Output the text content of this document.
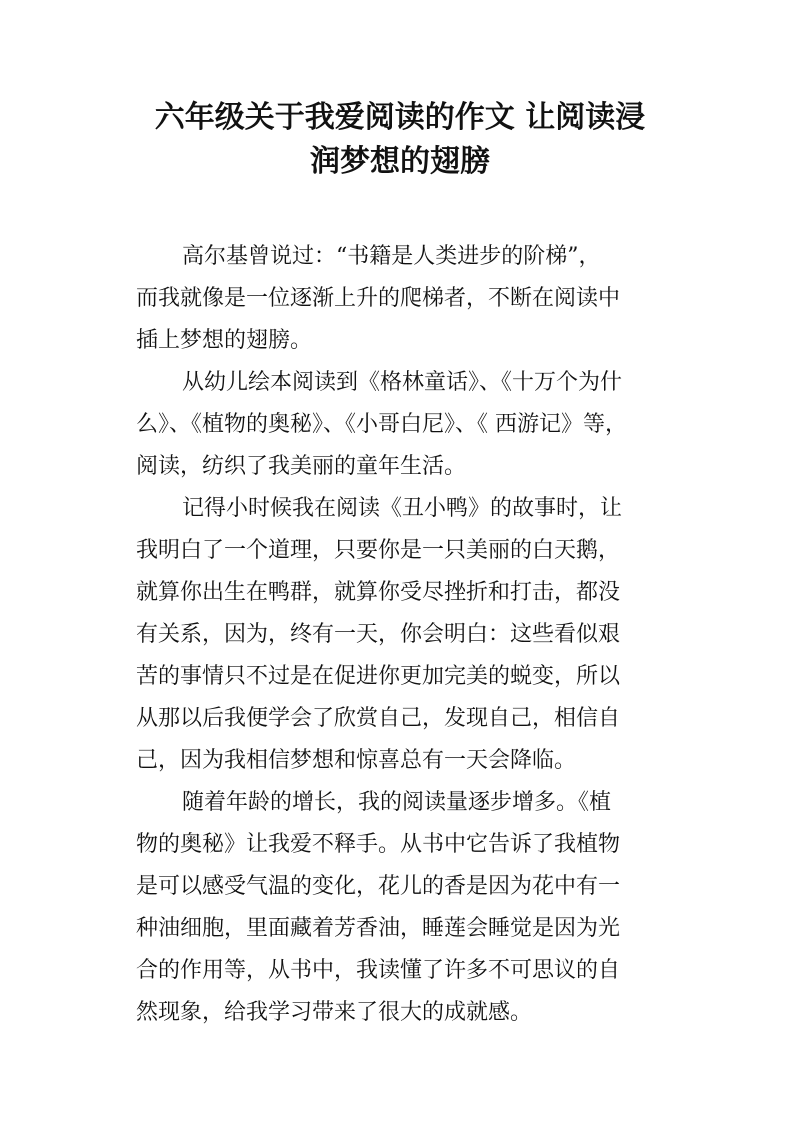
六年级关于我爱阅读的作文 让阅读浸
润梦想的翅膀

高尔基曾说过：“书籍是人类进步的阶梯”，
而我就像是一位逐渐上升的爬梯者，不断在阅读中
插上梦想的翅膀。

从幼儿绘本阅读到《格林童话》、《十万个为什
么》、《植物的奥秘》、《小哥白尼》、《 西游记》等，
阅读，纺织了我美丽的童年生活。

记得小时候我在阅读《丑小鸭》的故事时，让
我明白了一个道理，只要你是一只美丽的白天鹅，
就算你出生在鸭群，就算你受尽挫折和打击，都没
有关系，因为，终有一天，你会明白：这些看似艰
苦的事情只不过是在促进你更加完美的蜕变，所以
从那以后我便学会了欣赏自己，发现自己，相信自
己，因为我相信梦想和惊喜总有一天会降临。

随着年龄的增长，我的阅读量逐步增多。《植
物的奥秘》让我爱不释手。从书中它告诉了我植物
是可以感受气温的变化，花儿的香是因为花中有一
种油细胞，里面藏着芳香油，睡莲会睡觉是因为光
合的作用等，从书中，我读懂了许多不可思议的自
然现象，给我学习带来了很大的成就感。
